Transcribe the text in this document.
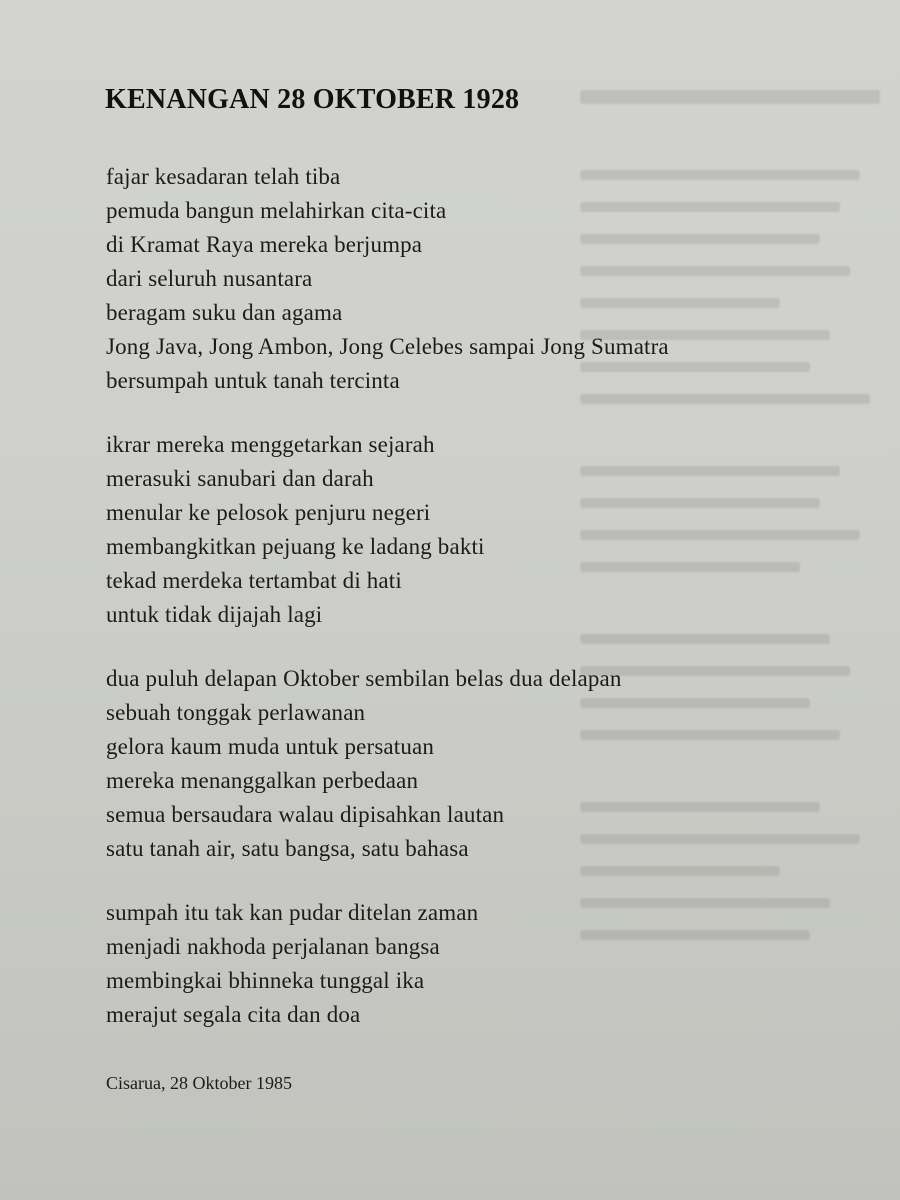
KENANGAN 28 OKTOBER 1928
fajar kesadaran telah tiba
pemuda bangun melahirkan cita-cita
di Kramat Raya mereka berjumpa
dari seluruh nusantara
beragam suku dan agama
Jong Java, Jong Ambon, Jong Celebes sampai Jong Sumatra
bersumpah untuk tanah tercinta
ikrar mereka menggetarkan sejarah
merasuki sanubari dan darah
menular ke pelosok penjuru negeri
membangkitkan pejuang ke ladang bakti
tekad merdeka tertambat di hati
untuk tidak dijajah lagi
dua puluh delapan Oktober sembilan belas dua delapan
sebuah tonggak perlawanan
gelora kaum muda untuk persatuan
mereka menanggalkan perbedaan
semua bersaudara walau dipisahkan lautan
satu tanah air, satu bangsa, satu bahasa
sumpah itu tak kan pudar ditelan zaman
menjadi nakhoda perjalanan bangsa
membingkai bhinneka tunggal ika
merajut segala cita dan doa
Cisarua, 28 Oktober 1985
